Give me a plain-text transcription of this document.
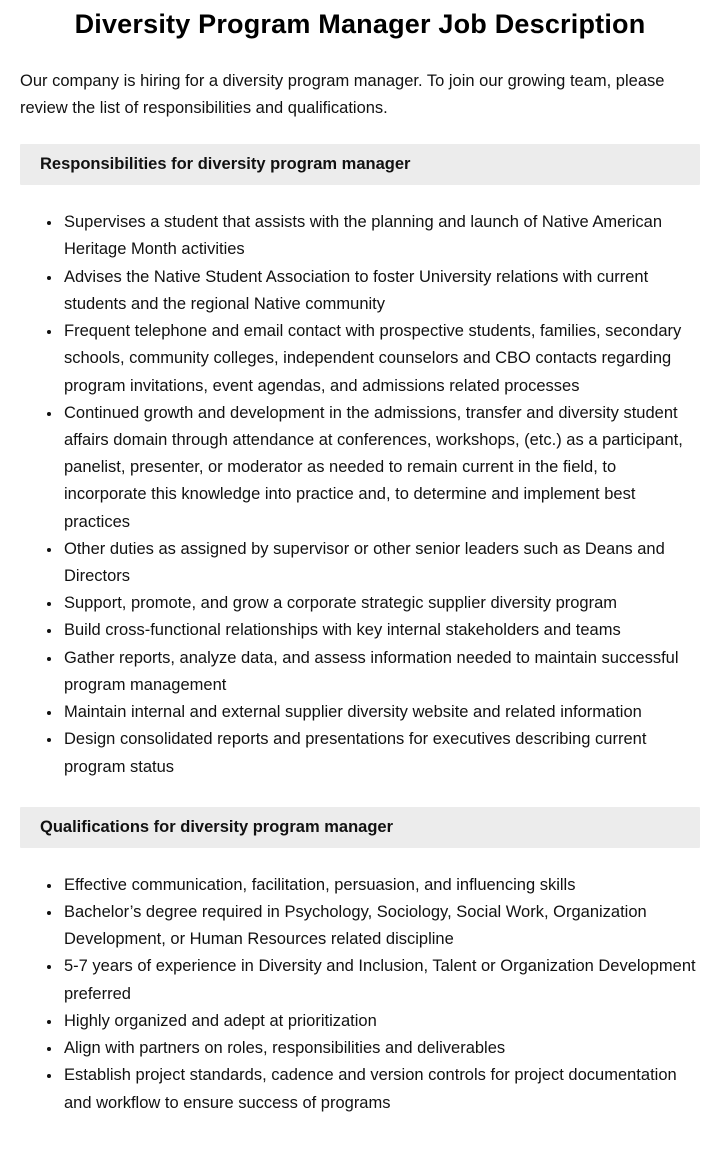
Diversity Program Manager Job Description

Our company is hiring for a diversity program manager. To join our growing team, please review the list of responsibilities and qualifications.

Responsibilities for diversity program manager
• Supervises a student that assists with the planning and launch of Native American Heritage Month activities
• Advises the Native Student Association to foster University relations with current students and the regional Native community
• Frequent telephone and email contact with prospective students, families, secondary schools, community colleges, independent counselors and CBO contacts regarding program invitations, event agendas, and admissions related processes
• Continued growth and development in the admissions, transfer and diversity student affairs domain through attendance at conferences, workshops, (etc.) as a participant, panelist, presenter, or moderator as needed to remain current in the field, to incorporate this knowledge into practice and, to determine and implement best practices
• Other duties as assigned by supervisor or other senior leaders such as Deans and Directors
• Support, promote, and grow a corporate strategic supplier diversity program
• Build cross-functional relationships with key internal stakeholders and teams
• Gather reports, analyze data, and assess information needed to maintain successful program management
• Maintain internal and external supplier diversity website and related information
• Design consolidated reports and presentations for executives describing current program status
Qualifications for diversity program manager
• Effective communication, facilitation, persuasion, and influencing skills
• Bachelor’s degree required in Psychology, Sociology, Social Work, Organization Development, or Human Resources related discipline
• 5-7 years of experience in Diversity and Inclusion, Talent or Organization Development preferred
• Highly organized and adept at prioritization
• Align with partners on roles, responsibilities and deliverables
• Establish project standards, cadence and version controls for project documentation and workflow to ensure success of programs
